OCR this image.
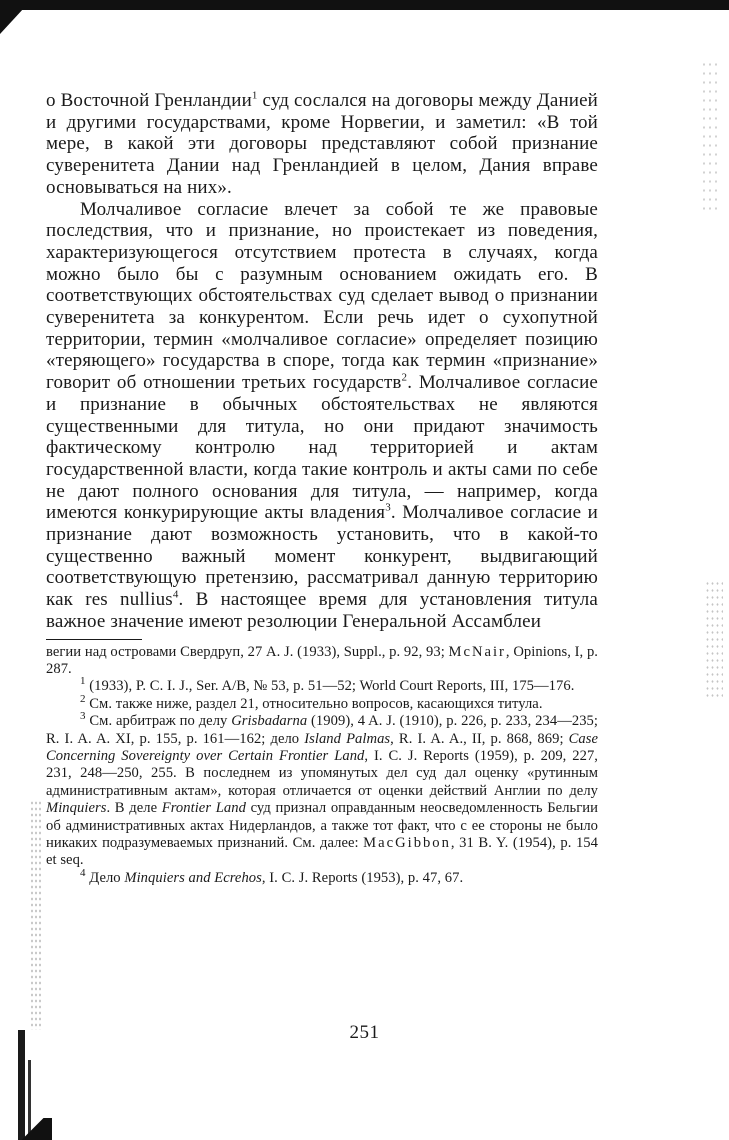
о Восточной Гренландии$^1$ суд сослался на договоры между Данией и другими государствами, кроме Норвегии, и заметил: «В той мере, в какой эти договоры представляют собой признание суверенитета Дании над Гренландией в целом, Дания вправе основываться на них».

Молчаливое согласие влечет за собой те же правовые последствия, что и признание, но проистекает из поведения, характеризующегося отсутствием протеста в случаях, когда можно было бы с разумным основанием ожидать его. В соответствующих обстоятельствах суд сделает вывод о признании суверенитета за конкурентом. Если речь идет о сухопутной территории, термин «молчаливое согласие» определяет позицию «теряющего» государства в споре, тогда как термин «признание» говорит об отношении третьих государств$^2$. Молчаливое согласие и признание в обычных обстоятельствах не являются существенными для титула, но они придают значимость фактическому контролю над территорией и актам государственной власти, когда такие контроль и акты сами по себе не дают полного основания для титула, — например, когда имеются конкурирующие акты владения$^3$. Молчаливое согласие и признание дают возможность установить, что в какой-то существенно важный момент конкурент, выдвигающий соответствующую претензию, рассматривал данную территорию как res nullius$^4$. В настоящее время для установления титула важное значение имеют резолюции Генеральной Ассамблеи

вегии над островами Свердруп, 27 A. J. (1933), Suppl., p. 92, 93; McNair, Opinions, I, p. 287.

$^1$ (1933), P. C. I. J., Ser. A/B, № 53, p. 51—52; World Court Reports, III, 175—176.

$^2$ См. также ниже, раздел 21, относительно вопросов, касающихся титула.

$^3$ См. арбитраж по делу Grisbadarna (1909), 4 A. J. (1910), p. 226, p. 233, 234—235; R. I. A. A. XI, p. 155, p. 161—162; дело Island Palmas, R. I. A. A., II, p. 868, 869; Case Concerning Sovereignty over Certain Frontier Land, I. C. J. Reports (1959), p. 209, 227, 231, 248—250, 255. В последнем из упомянутых дел суд дал оценку «рутинным административным актам», которая отличается от оценки действий Англии по делу Minquiers. В деле Frontier Land суд признал оправданным неосведомленность Бельгии об административных актах Нидерландов, а также тот факт, что с ее стороны не было никаких подразумеваемых признаний. См. далее: MacGibbon, 31 B. Y. (1954), p. 154 et seq.

$^4$ Дело Minquiers and Ecrehos, I. C. J. Reports (1953), p. 47, 67.

251
